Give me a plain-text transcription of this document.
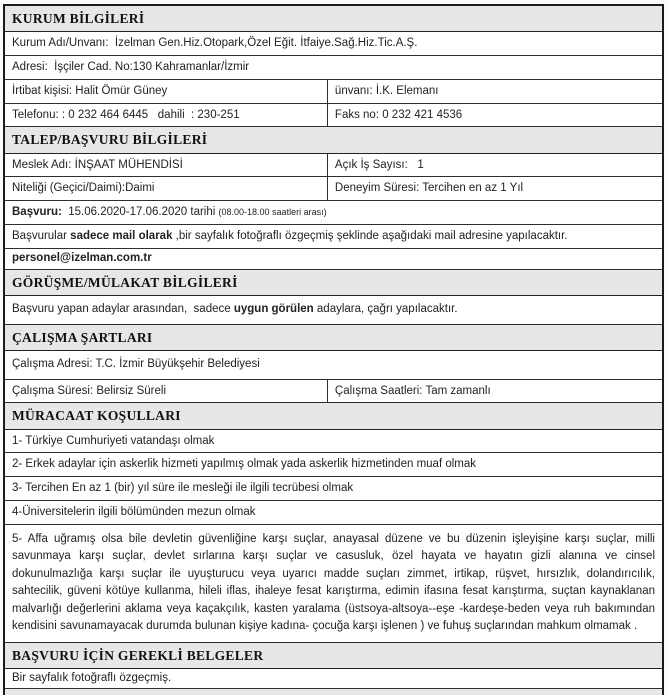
KURUM BİLGİLERİ
Kurum Adı/Unvanı:  İzelman Gen.Hiz.Otopark,Özel Eğit. İtfaiye.Sağ.Hiz.Tic.A.Ş.
Adresi:  İşçiler Cad. No:130 Kahramanlar/İzmir
İrtibat kişisi: Halit Ömür Güney	ünvanı: İ.K. Elemanı
Telefonu: : 0 232 464 6445   dahili  : 230-251	Faks no: 0 232 421 4536
TALEP/BAŞVURU BİLGİLERİ
Meslek Adı: İNŞAAT MÜHENDİSİ	Açık İş Sayısı:   1
Niteliği (Geçici/Daimi):Daimi	Deneyim Süresi: Tercihen en az 1 Yıl
Başvuru:  15.06.2020-17.06.2020 tarihi (08.00-18.00 saatleri arası)
Başvurular sadece mail olarak ,bir sayfalık fotoğraflı özgeçmiş şeklinde aşağıdaki mail adresine yapılacaktır.
personel@izelman.com.tr
GÖRÜŞME/MÜLAKAT BİLGİLERİ
Başvuru yapan adaylar arasından,  sadece uygun görülen adaylara, çağrı yapılacaktır.
ÇALIŞMA ŞARTLARI
Çalışma Adresi: T.C. İzmir Büyükşehir Belediyesi
Çalışma Süresi: Belirsiz Süreli	Çalışma Saatleri: Tam zamanlı
MÜRACAAT KOŞULLARI
1- Türkiye Cumhuriyeti vatandaşı olmak
2- Erkek adaylar için askerlik hizmeti yapılmış olmak yada askerlik hizmetinden muaf olmak
3- Tercihen En az 1 (bir) yıl süre ile mesleği ile ilgili tecrübesi olmak
4-Üniversitelerin ilgili bölümünden mezun olmak
5- Affa uğramış olsa bile devletin güvenliğine karşı suçlar, anayasal düzene ve bu düzenin işleyişine karşı suçlar, milli savunmaya karşı suçlar, devlet sırlarına karşı suçlar ve casusluk, özel hayata ve hayatın gizli alanına ve cinsel dokunulmazlığa karşı suçlar ile uyuşturucu veya uyarıcı madde suçları zimmet, irtikap, rüşvet, hırsızlık, dolandırıcılık, sahtecilik, güveni kötüye kullanma, hileli iflas, ihaleye fesat karıştırma, edimin ifasına fesat karıştırma, suçtan kaynaklanan malvarlığı değerlerini aklama veya kaçakçılık, kasten yaralama (üstsoya-altsoya--eşe -kardeşe-beden veya ruh bakımından kendisini savunamayacak durumda bulunan kişiye kadına- çocuğa karşı işlenen ) ve fuhuş suçlarından mahkum olmamak .
BAŞVURU İÇİN GEREKLİ BELGELER
Bir sayfalık fotoğraflı özgeçmiş.
